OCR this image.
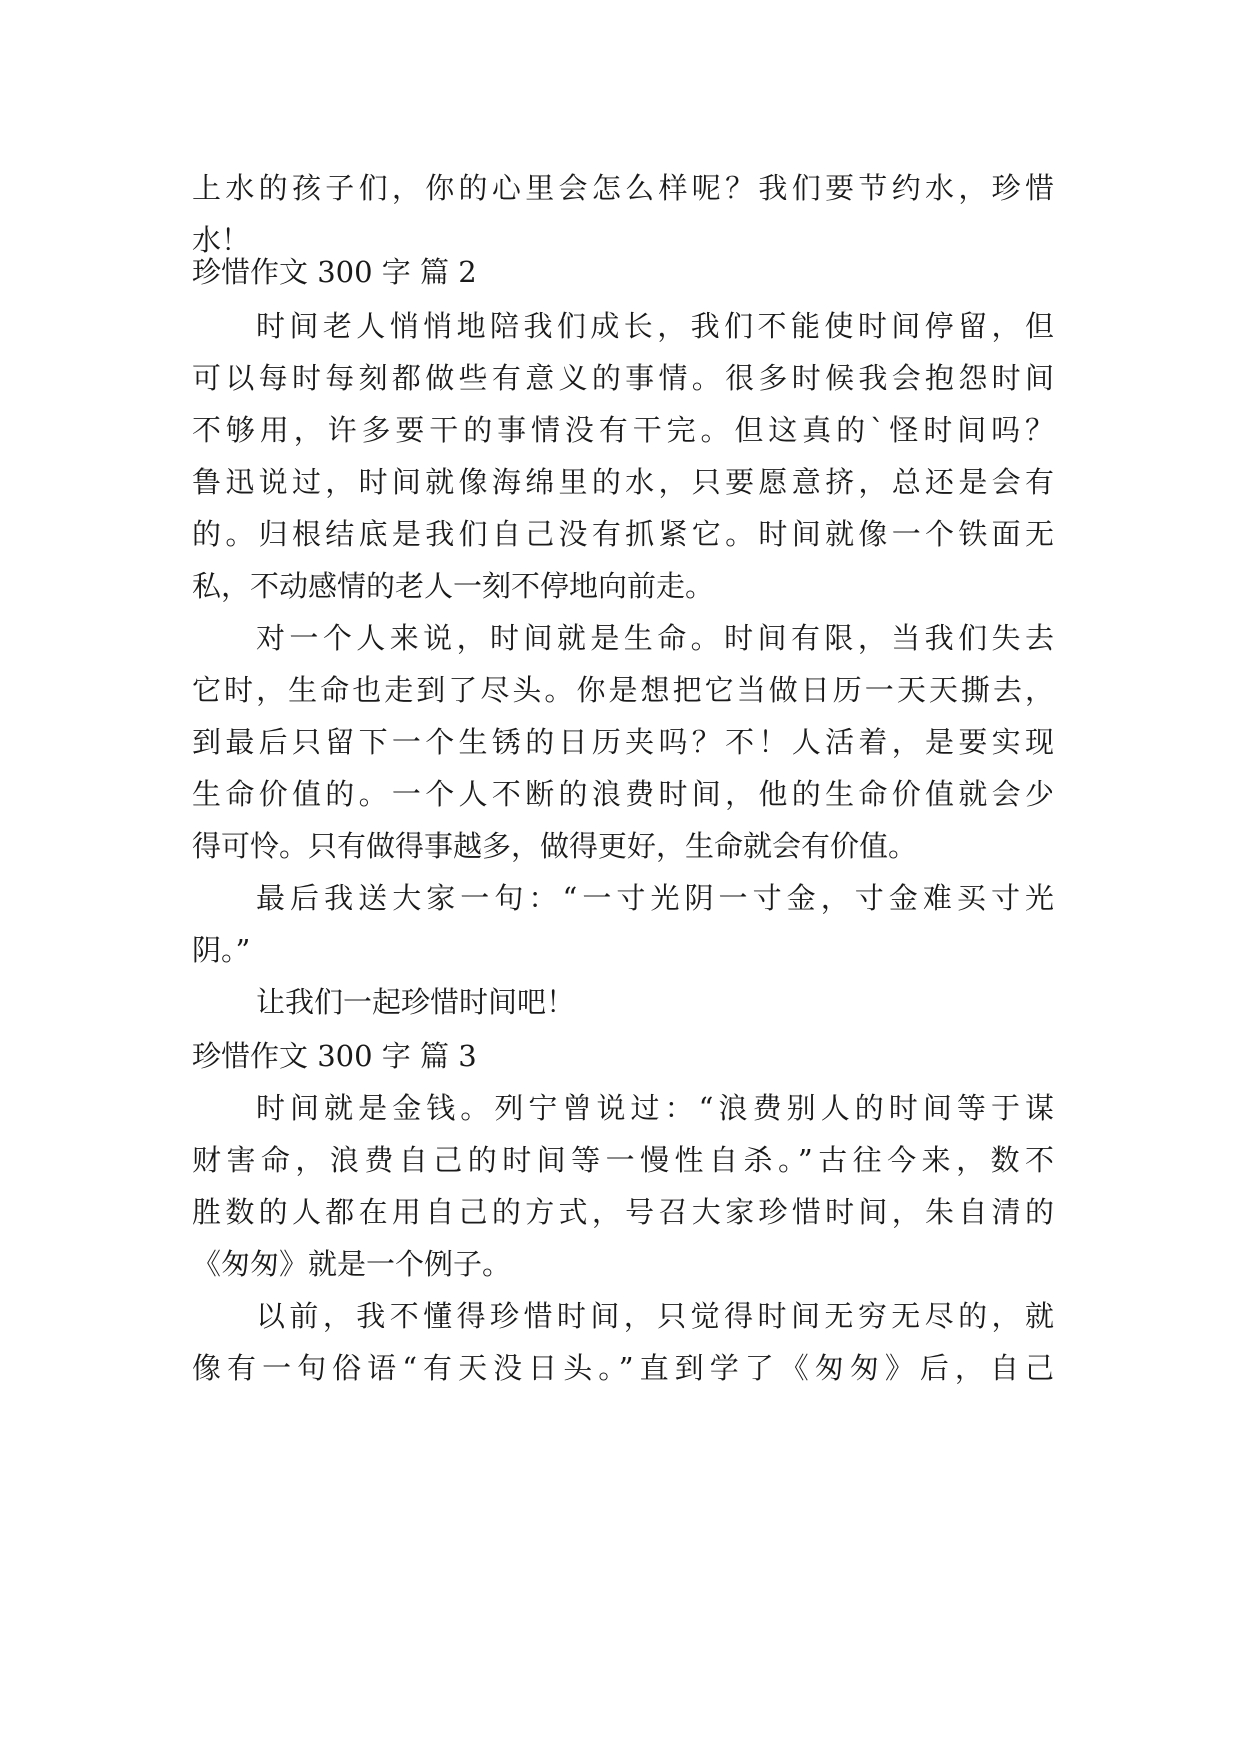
上水的孩子们，你的心里会怎么样呢？我们要节约水，珍惜
水！
珍惜作文 300 字 篇 2
时间老人悄悄地陪我们成长，我们不能使时间停留，但
可以每时每刻都做些有意义的事情。很多时候我会抱怨时间
不够用，许多要干的事情没有干完。但这真的`怪时间吗？
鲁迅说过，时间就像海绵里的水，只要愿意挤，总还是会有
的。归根结底是我们自己没有抓紧它。时间就像一个铁面无
私，不动感情的老人一刻不停地向前走。
对一个人来说，时间就是生命。时间有限，当我们失去
它时，生命也走到了尽头。你是想把它当做日历一天天撕去，
到最后只留下一个生锈的日历夹吗？不！人活着，是要实现
生命价值的。一个人不断的浪费时间，他的生命价值就会少
得可怜。只有做得事越多，做得更好，生命就会有价值。
最后我送大家一句：“一寸光阴一寸金，寸金难买寸光
阴。”
让我们一起珍惜时间吧！
珍惜作文 300 字 篇 3
时间就是金钱。列宁曾说过：“浪费别人的时间等于谋
财害命，浪费自己的时间等一慢性自杀。”古往今来，数不
胜数的人都在用自己的方式，号召大家珍惜时间，朱自清的
《匆匆》就是一个例子。
以前，我不懂得珍惜时间，只觉得时间无穷无尽的，就
像有一句俗语“有天没日头。”直到学了《匆匆》后，自己
